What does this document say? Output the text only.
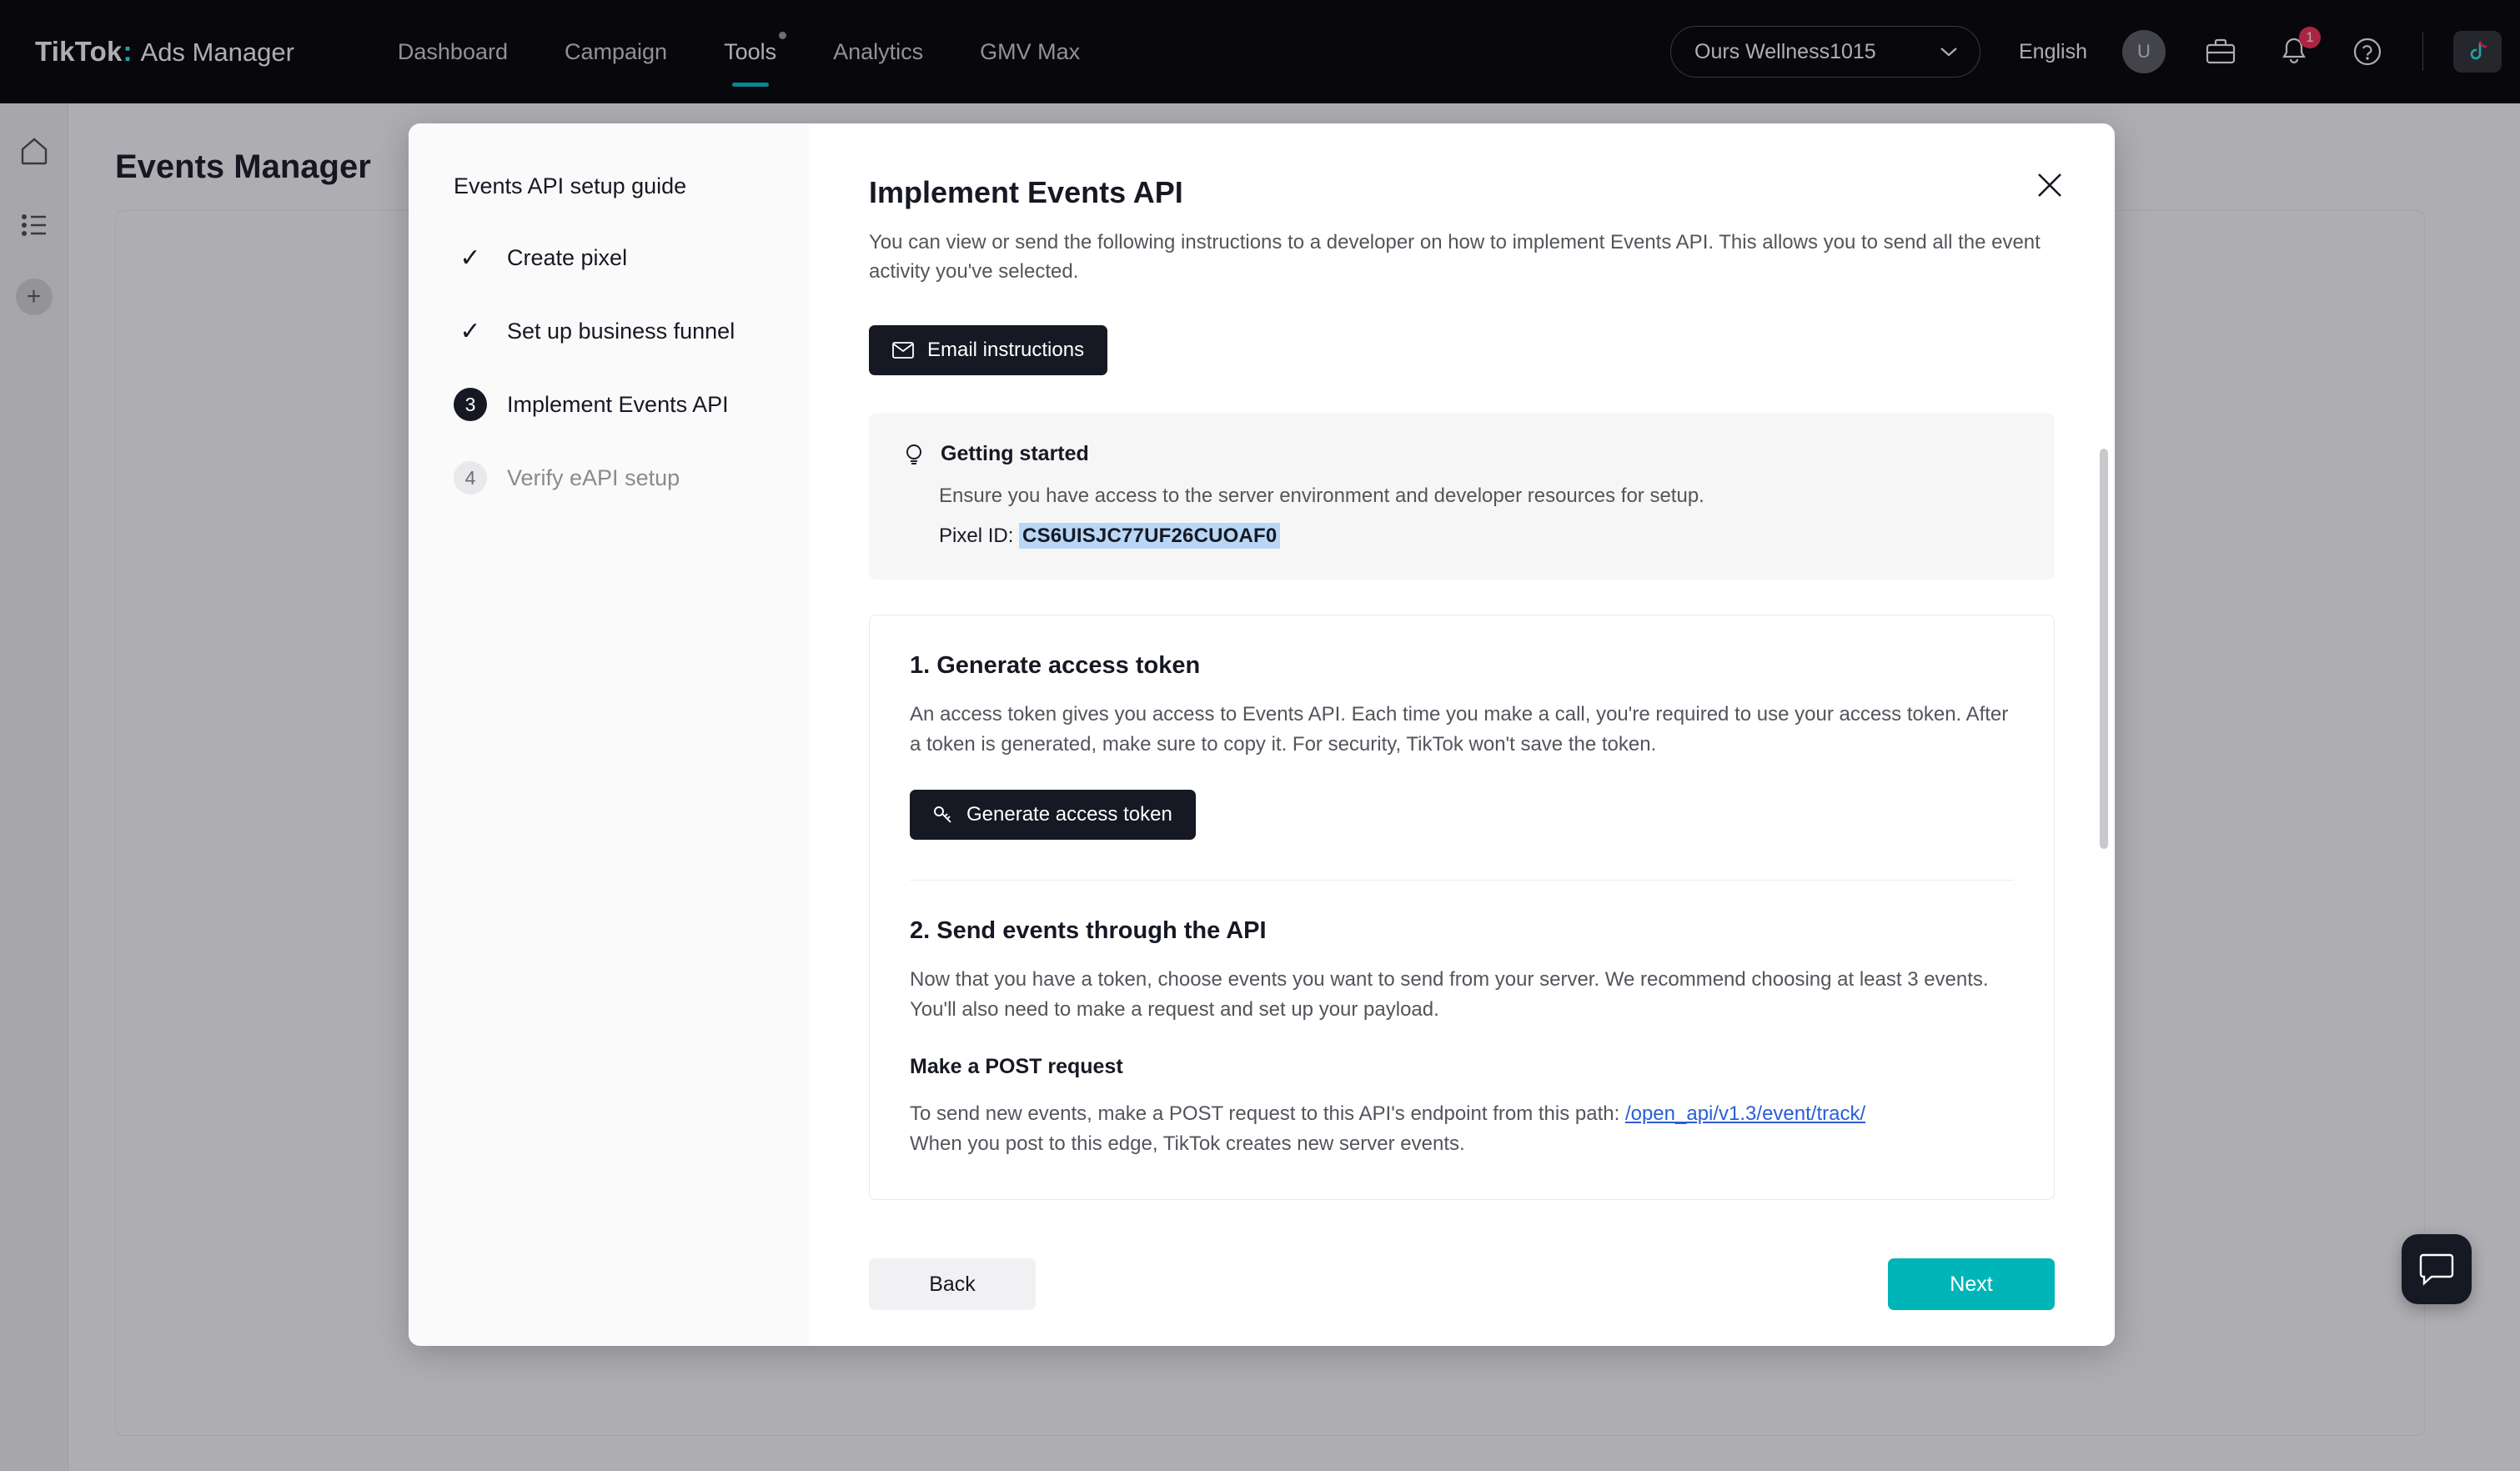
TikTok : Ads Manager	Dashboard	Campaign	Tools	Analytics	GMV Max	Ours Wellness1015	English	U
1
+
Events Manager
Events API setup guide
✓ Create pixel
✓ Set up business funnel
3	Implement Events API
4	Verify eAPI setup
Implement Events API
You can view or send the following instructions to a developer on how to implement Events API. This allows you to send all the event activity you've selected.
Email instructions
Getting started
Ensure you have access to the server environment and developer resources for setup.
Pixel ID: CS6UISJC77UF26CUOAF0
1. Generate access token

An access token gives you access to Events API. Each time you make a call, you're required to use your access token. After a token is generated, make sure to copy it. For security, TikTok won't save the token.

Generate access token
2. Send events through the API

Now that you have a token, choose events you want to send from your server. We recommend choosing at least 3 events. You'll also need to make a request and set up your payload.

Make a POST request

To send new events, make a POST request to this API's endpoint from this path: /open_api/v1.3/event/track/
When you post to this edge, TikTok creates new server events.

Back	Next
